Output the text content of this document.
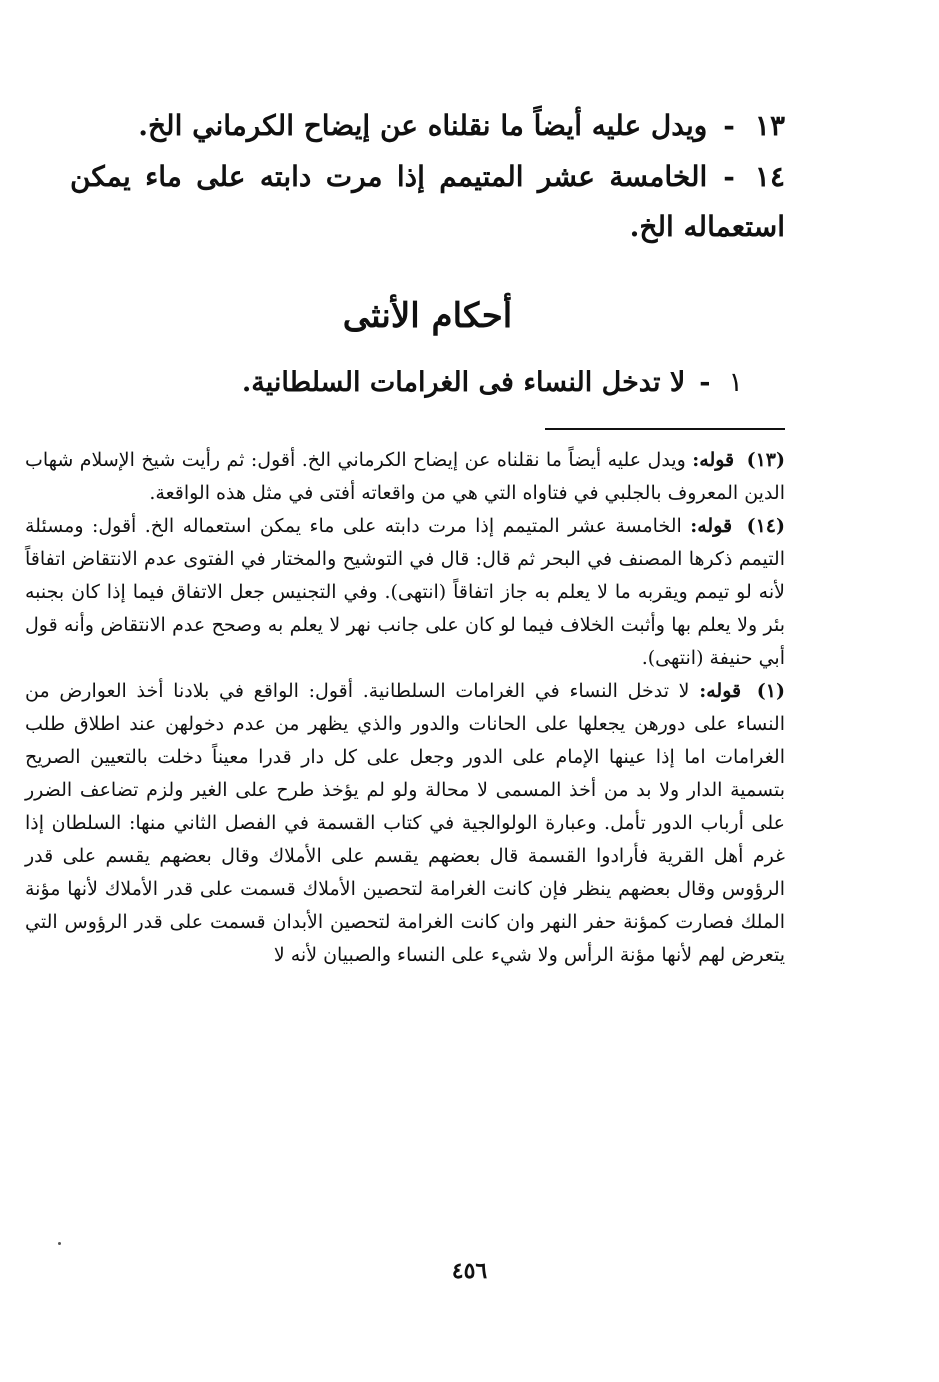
١٣-ويدل عليه أيضاً ما نقلناه عن إيضاح الكرماني الخ.
١٤-الخامسة عشر المتيمم إذا مرت دابته على ماء يمكن استعماله الخ.
أحكام الأنثى
١-لا تدخل النساء فى الغرامات السلطانية.

(١٣) قوله: ويدل عليه أيضاً ما نقلناه عن إيضاح الكرماني الخ. أقول: ثم رأيت شيخ الإسلام شهاب الدين المعروف بالجلبي في فتاواه التي هي من واقعاته أفتى في مثل هذه الواقعة.

(١٤) قوله: الخامسة عشر المتيمم إذا مرت دابته على ماء يمكن استعماله الخ. أقول: ومسئلة التيمم ذكرها المصنف في البحر ثم قال: قال في التوشيح والمختار في الفتوى عدم الانتقاض اتفاقاً لأنه لو تيمم ويقربه ما لا يعلم به جاز اتفاقاً (انتهى). وفي التجنيس جعل الاتفاق فيما إذا كان بجنبه بئر ولا يعلم بها وأثبت الخلاف فيما لو كان على جانب نهر لا يعلم به وصحح عدم الانتقاض وأنه قول أبي حنيفة (انتهى).

(١) قوله: لا تدخل النساء في الغرامات السلطانية. أقول: الواقع في بلادنا أخذ العوارض من النساء على دورهن يجعلها على الحانات والدور والذي يظهر من عدم دخولهن عند اطلاق طلب الغرامات اما إذا عينها الإمام على الدور وجعل على كل دار قدرا معيناً دخلت بالتعيين الصريح بتسمية الدار ولا بد من أخذ المسمى لا محالة ولو لم يؤخذ طرح على الغير ولزم تضاعف الضرر على أرباب الدور تأمل. وعبارة الولوالجية في كتاب القسمة في الفصل الثاني منها: السلطان إذا غرم أهل القرية فأرادوا القسمة قال بعضهم يقسم على الأملاك وقال بعضهم يقسم على قدر الرؤوس وقال بعضهم ينظر فإن كانت الغرامة لتحصين الأملاك قسمت على قدر الأملاك لأنها مؤنة الملك فصارت كمؤنة حفر النهر وان كانت الغرامة لتحصين الأبدان قسمت على قدر الرؤوس التي يتعرض لهم لأنها مؤنة الرأس ولا شيء على النساء والصبيان لأنه لا

٤٥٦
